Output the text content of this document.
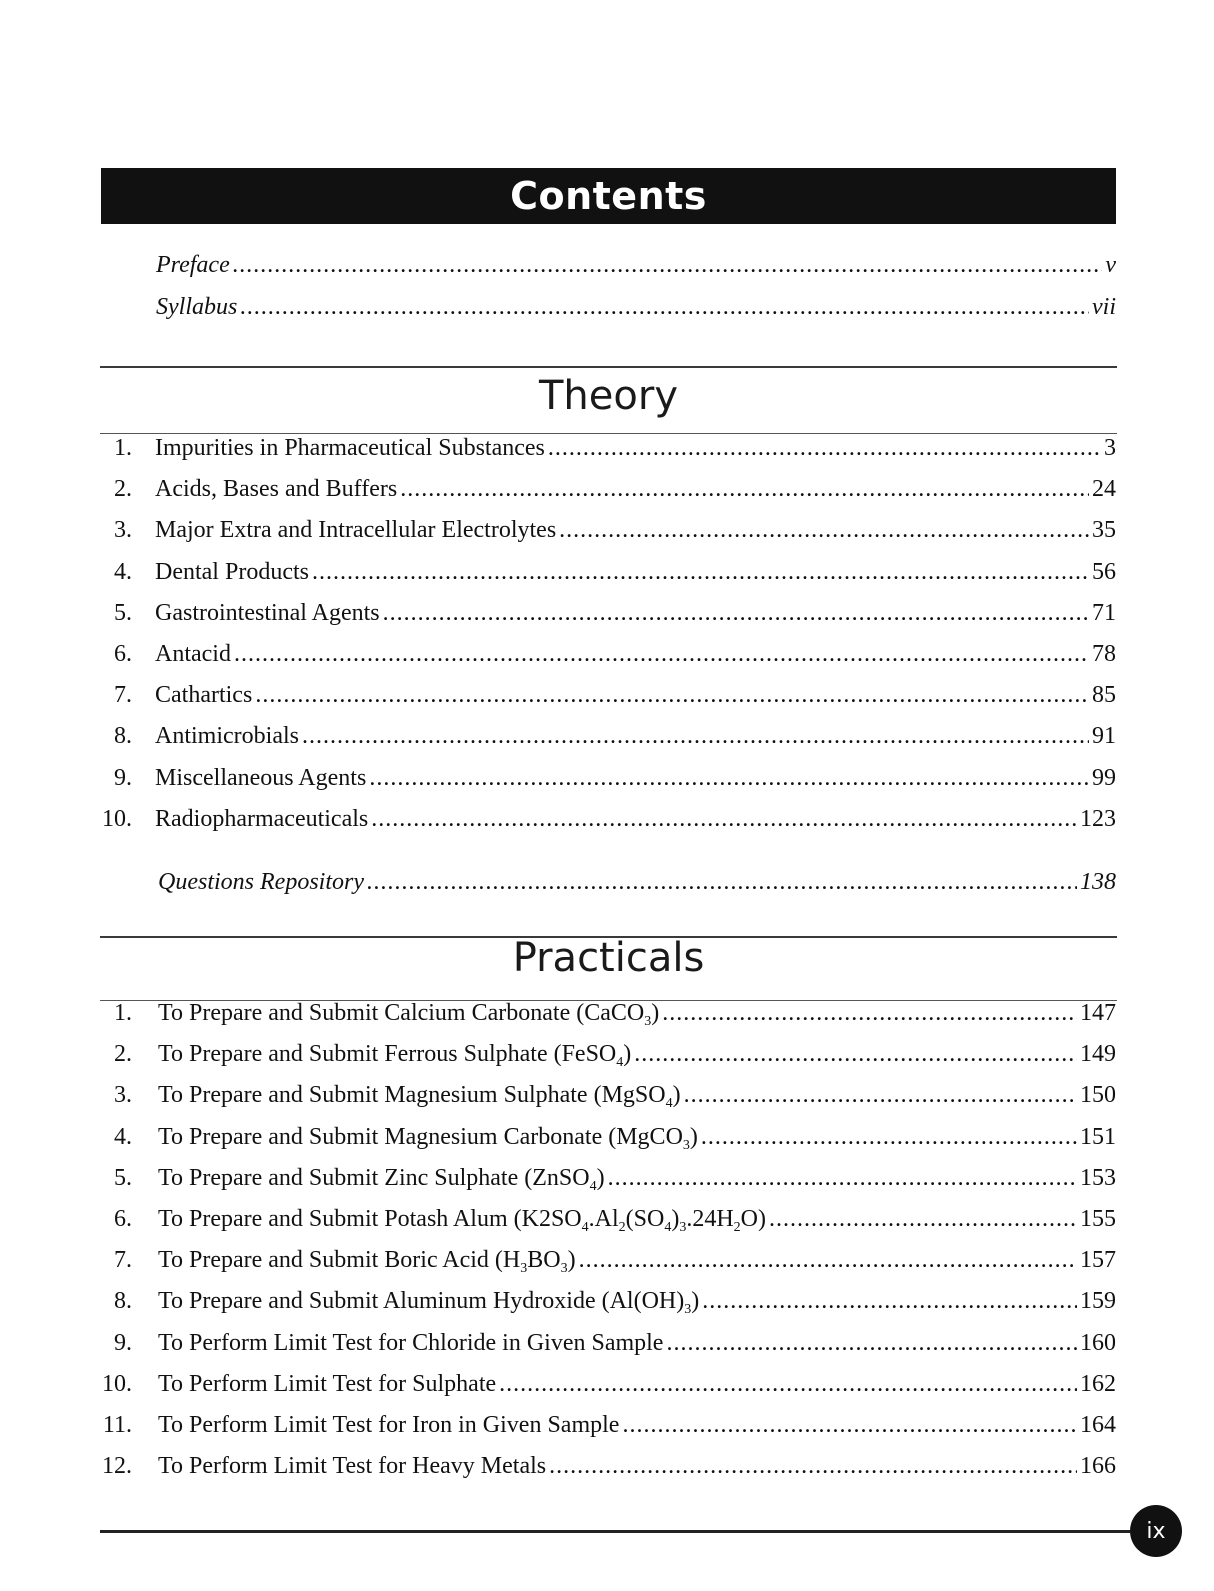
Contents
Preface .....	v
Syllabus .....	vii
Theory
1. Impurities in Pharmaceutical Substances .....	3
2. Acids, Bases and Buffers .....	24
3. Major Extra and Intracellular Electrolytes .....	35
4. Dental Products .....	56
5. Gastrointestinal Agents .....	71
6. Antacid .....	78
7. Cathartics .....	85
8. Antimicrobials .....	91
9. Miscellaneous Agents .....	99
10. Radiopharmaceuticals .....	123
Questions Repository .....	138
Practicals
1. To Prepare and Submit Calcium Carbonate (CaCO$_3$) .....	147
2. To Prepare and Submit Ferrous Sulphate (FeSO$_4$) .....	149
3. To Prepare and Submit Magnesium Sulphate (MgSO$_4$) .....	150
4. To Prepare and Submit Magnesium Carbonate (MgCO$_3$) .....	151
5. To Prepare and Submit Zinc Sulphate (ZnSO$_4$) .....	153
6. To Prepare and Submit Potash Alum $(K2SO_4.Al_2(SO_4)_3.24H_2O)$ .....	155
7. To Prepare and Submit Boric Acid $(H_3BO_3)$ .....	157
8. To Prepare and Submit Aluminum Hydroxide $(Al(OH)_3)$ .....	159
9. To Perform Limit Test for Chloride in Given Sample .....	160
10. To Perform Limit Test for Sulphate .....	162
11. To Perform Limit Test for Iron in Given Sample .....	164
12. To Perform Limit Test for Heavy Metals .....	166
ix
